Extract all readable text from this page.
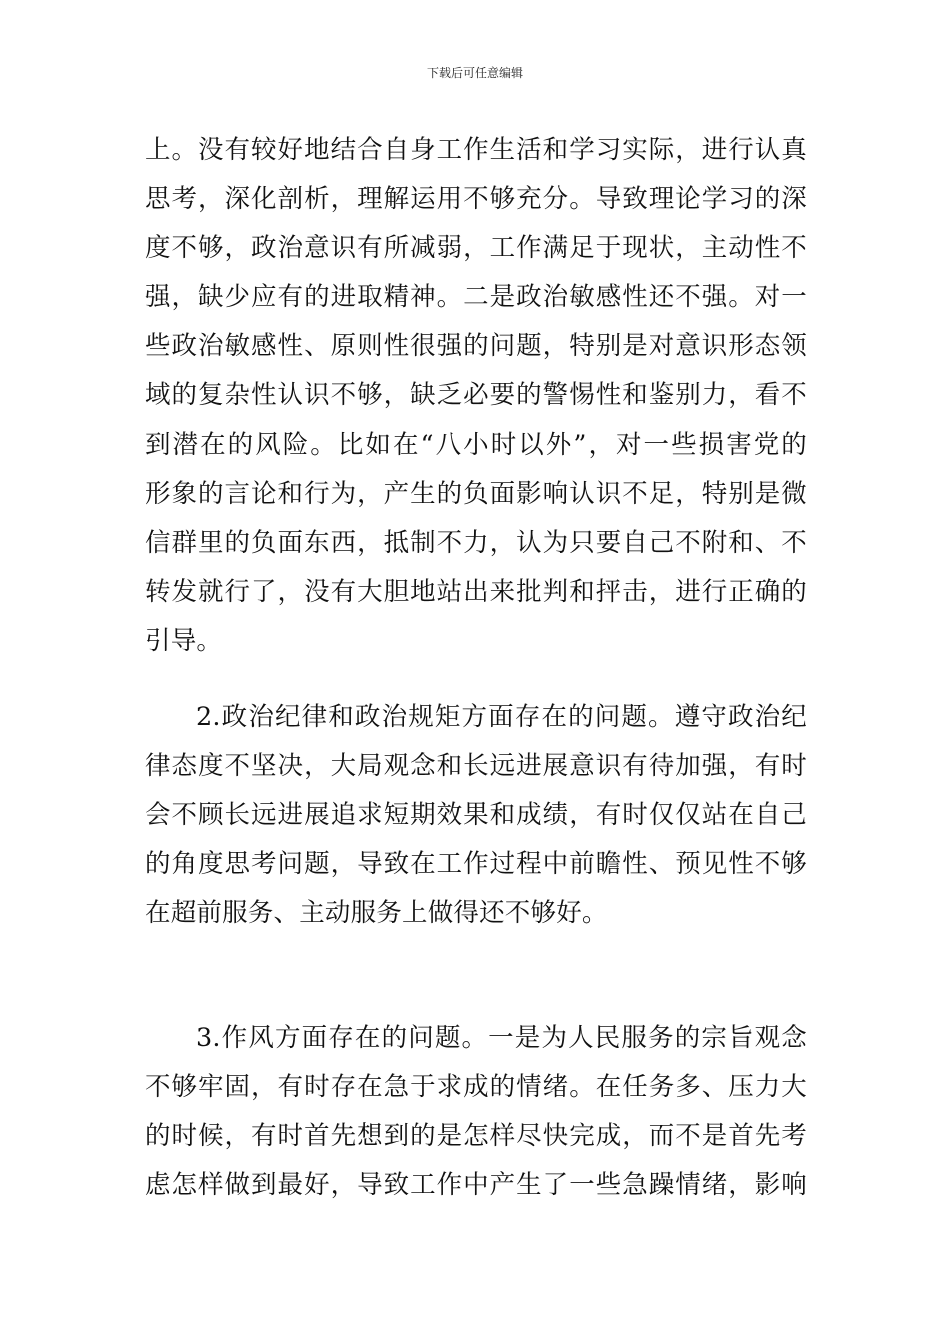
下载后可任意编辑
上。没有较好地结合自身工作生活和学习实际，进行认真
思考，深化剖析，理解运用不够充分。导致理论学习的深
度不够，政治意识有所减弱，工作满足于现状，主动性不
强，缺少应有的进取精神。二是政治敏感性还不强。对一
些政治敏感性、原则性很强的问题，特别是对意识形态领
域的复杂性认识不够，缺乏必要的警惕性和鉴别力，看不
到潜在的风险。比如在“八小时以外”，对一些损害党的
形象的言论和行为，产生的负面影响认识不足，特别是微
信群里的负面东西，抵制不力，认为只要自己不附和、不
转发就行了，没有大胆地站出来批判和抨击，进行正确的
引导。
2.政治纪律和政治规矩方面存在的问题。遵守政治纪
律态度不坚决，大局观念和长远进展意识有待加强，有时
会不顾长远进展追求短期效果和成绩，有时仅仅站在自己
的角度思考问题，导致在工作过程中前瞻性、预见性不够
在超前服务、主动服务上做得还不够好。
3.作风方面存在的问题。一是为人民服务的宗旨观念
不够牢固，有时存在急于求成的情绪。在任务多、压力大
的时候，有时首先想到的是怎样尽快完成，而不是首先考
虑怎样做到最好，导致工作中产生了一些急躁情绪，影响
